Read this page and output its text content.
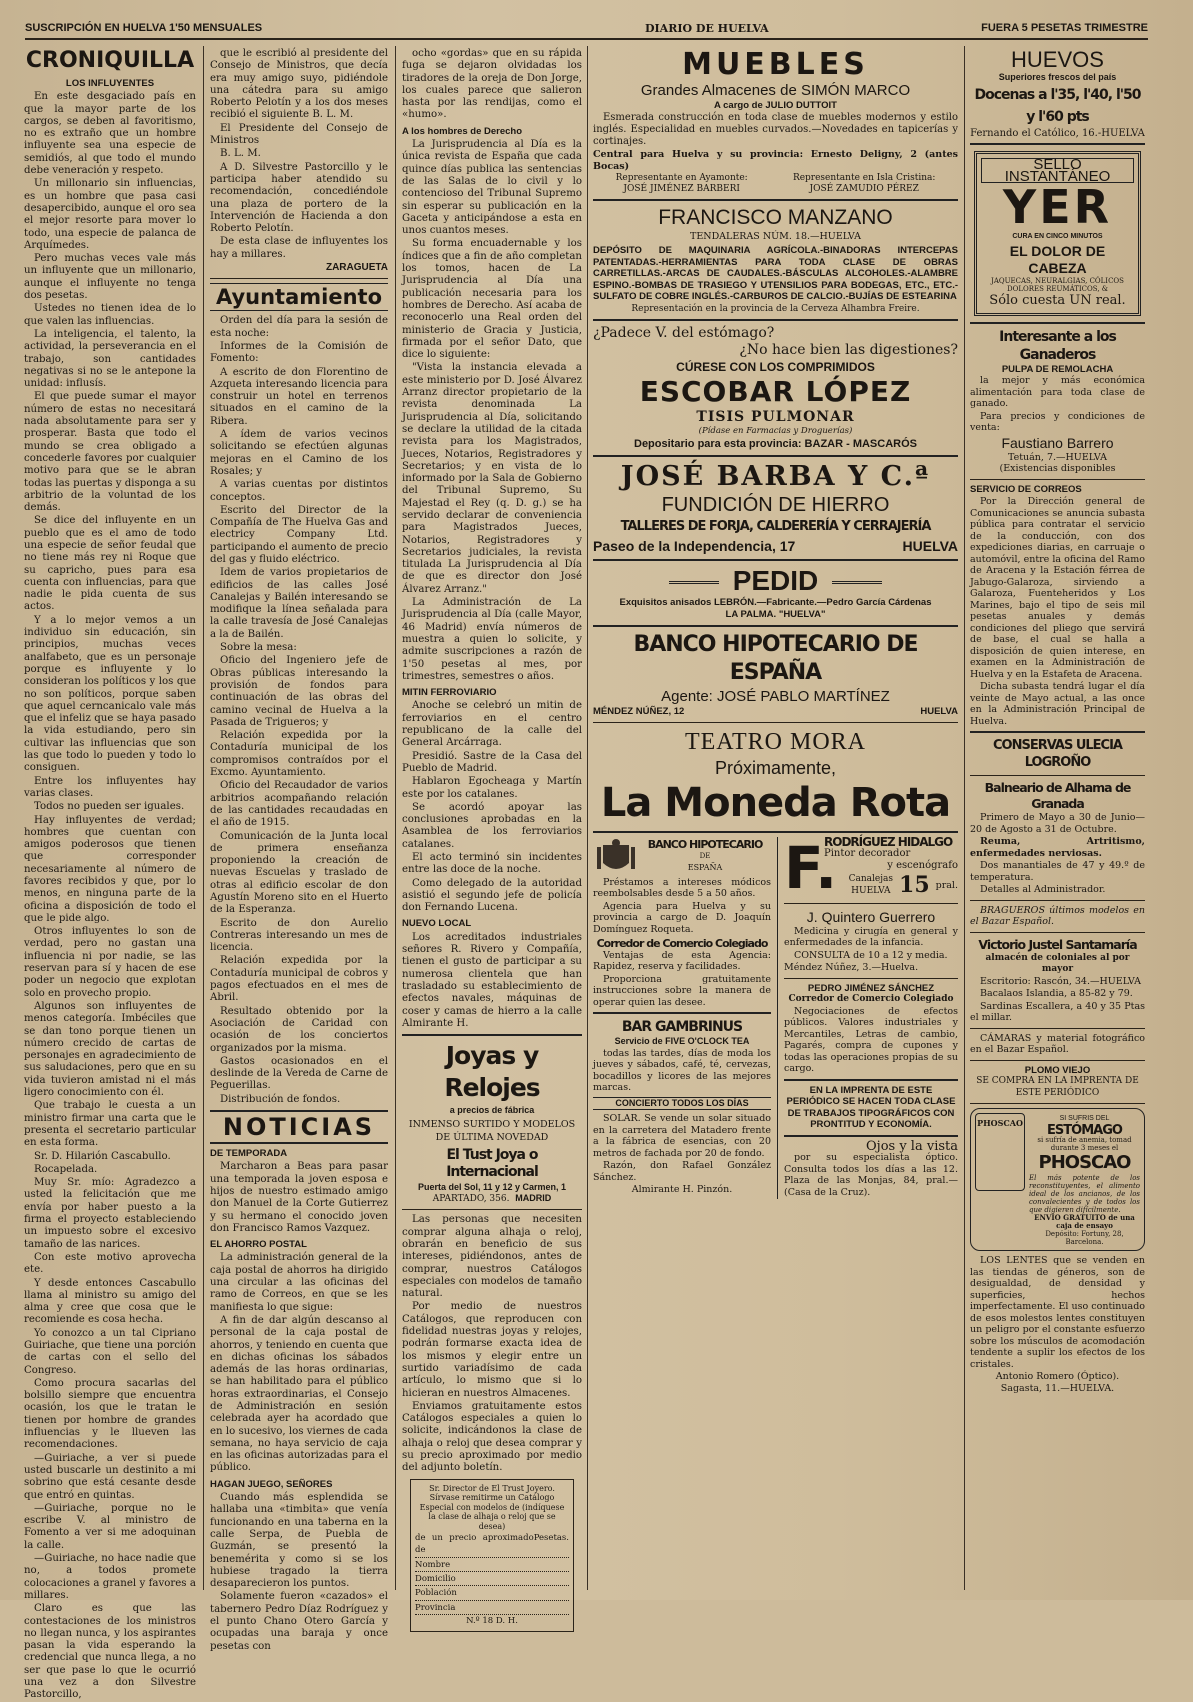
SUSCRIPCIÓN EN HUELVA 1'50 MENSUALES	DIARIO DE HUELVA	FUERA 5 PESETAS TRIMESTRE
CRONIQUILLA
LOS INFLUYENTES

En este desgaciado país en que la mayor parte de los cargos, se deben al favoritismo, no es extraño que un hombre influyente sea una especie de semidiós, al que todo el mundo debe veneración y respeto.

Un millonario sin influencias, es un hombre que pasa casi desapercibido, aunque el oro sea el mejor resorte para mover lo todo, una especie de palanca de Arquímedes.

Pero muchas veces vale más un influyente que un millonario, aunque el influyente no tenga dos pesetas.

Ustedes no tienen idea de lo que valen las influencias.

La inteligencia, el talento, la actividad, la perseverancia en el trabajo, son cantidades negativas si no se le antepone la unidad: influsís.

El que puede sumar el mayor número de estas no necesitará nada absolutamente para ser y prosperar. Basta que todo el mundo se crea obligado a concederle favores por cualquier motivo para que se le abran todas las puertas y disponga a su arbitrio de la voluntad de los demás.

Se dice del influyente en un pueblo que es el amo de todo una especie de señor feudal que no tiene más rey ni Roque que su capricho, pues para esa cuenta con influencias, para que nadie le pida cuenta de sus actos.

Y a lo mejor vemos a un individuo sin educación, sin principios, muchas veces analfabeto, que es un personaje porque es influyente y lo consideran los políticos y los que no son políticos, porque saben que aquel cerncanicalo vale más que el infeliz que se haya pasado la vida estudiando, pero sin cultivar las influencias que son las que todo lo pueden y todo lo consiguen.

Entre los influyentes hay varias clases.

Todos no pueden ser iguales.

Hay influyentes de verdad; hombres que cuentan con amigos poderosos que tienen que corresponder necesariamente al número de favores recibidos y que, por lo menos, en ninguna parte de la oficina a disposición de todo el que le pide algo.

Otros influyentes lo son de verdad, pero no gastan una influencia ni por nadie, se las reservan para sí y hacen de ese poder un negocio que explotan solo en provecho propio.

Algunos son influyentes de menos categoría. Imbéciles que se dan tono porque tienen un número crecido de cartas de personajes en agradecimiento de sus saludaciones, pero que en su vida tuvieron amistad ni el más ligero conocimiento con él.

Que trabajo le cuesta a un ministro firmar una carta que le presenta el secretario particular en esta forma.

Sr. D. Hilarión Cascabullo.

Rocapelada.

Muy Sr. mío: Agradezco a usted la felicitación que me envía por haber puesto a la firma el proyecto estableciendo un impuesto sobre el excesivo tamaño de las narices.

Con este motivo aprovecha ete.

Y desde entonces Cascabullo llama al ministro su amigo del alma y cree que cosa que le recomiende es cosa hecha.

Yo conozco a un tal Cipriano Guiriache, que tiene una porción de cartas con el sello del Congreso.

Como procura sacarlas del bolsillo siempre que encuentra ocasión, los que le tratan le tienen por hombre de grandes influencias y le llueven las recomendaciones.

—Guiriache, a ver si puede usted buscarle un destinito a mi sobrino que está cesante desde que entró en quintas.

—Guiriache, porque no le escribe V. al ministro de Fomento a ver si me adoquinan la calle.

—Guiriache, no hace nadie que no, a todos promete colocaciones a granel y favores a millares.

Claro es que las contestaciones de los ministros no llegan nunca, y los aspirantes pasan la vida esperando la credencial que nunca llega, a no ser que pase lo que le ocurrió una vez a don Silvestre Pastorcillo,

que le escribió al presidente del Consejo de Ministros, que decía era muy amigo suyo, pidiéndole una cátedra para su amigo Roberto Pelotín y a los dos meses recibió el siguiente B. L. M.

El Presidente del Consejo de Ministros

B. L. M.

A D. Silvestre Pastorcillo y le participa haber atendido su recomendación, concediéndole una plaza de portero de la Intervención de Hacienda a don Roberto Pelotín.

De esta clase de influyentes los hay a millares.

ZARAGUETA
Ayuntamiento

Orden del día para la sesión de esta noche:

Informes de la Comisión de Fomento:

A escrito de don Florentino de Azqueta interesando licencia para construir un hotel en terrenos situados en el camino de la Ribera.

A ídem de varios vecinos solicitando se efectúen algunas mejoras en el Camino de los Rosales; y

A varias cuentas por distintos conceptos.

Escrito del Director de la Compañía de The Huelva Gas and electricy Company Ltd. participando el aumento de precio del gas y fluido eléctrico.

Idem de varios propietarios de edificios de las calles José Canalejas y Bailén interesando se modifique la línea señalada para la calle travesía de José Canalejas a la de Bailén.

Sobre la mesa:

Oficio del Ingeniero jefe de Obras públicas interesando la provisión de fondos para continuación de las obras del camino vecinal de Huelva a la Pasada de Trigueros; y

Relación expedida por la Contaduría municipal de los compromisos contraídos por el Excmo. Ayuntamiento.

Oficio del Recaudador de varios arbitrios acompañando relación de las cantidades recaudadas en el año de 1915.

Comunicación de la Junta local de primera enseñanza proponiendo la creación de nuevas Escuelas y traslado de otras al edificio escolar de don Agustín Moreno sito en el Huerto de la Esperanza.

Escrito de don Aurelio Contreras interesando un mes de licencia.

Relación expedida por la Contaduría municipal de cobros y pagos efectuados en el mes de Abril.

Resultado obtenido por la Asociación de Caridad con ocasión de los conciertos organizados por la misma.

Gastos ocasionados en el deslinde de la Vereda de Carne de Peguerillas.

Distribución de fondos.

NOTICIAS
DE TEMPORADA

Marcharon a Beas para pasar una temporada la joven esposa e hijos de nuestro estimado amigo don Manuel de la Corte Gutierrez y su hermano el conocido joven don Francisco Ramos Vazquez.

EL AHORRO POSTAL

La administración general de la caja postal de ahorros ha dirigido una circular a las oficinas del ramo de Correos, en que se les manifiesta lo que sigue:

A fin de dar algún descanso al personal de la caja postal de ahorros, y teniendo en cuenta que en dichas oficinas los sábados además de las horas ordinarias, se han habilitado para el público horas extraordinarias, el Consejo de Administración en sesión celebrada ayer ha acordado que en lo sucesivo, los viernes de cada semana, no haya servicio de caja en las oficinas autorizadas para el público.

HAGAN JUEGO, SEÑORES

Cuando más esplendida se hallaba una «timbita» que venía funcionando en una taberna en la calle Serpa, de Puebla de Guzmán, se presentó la benemérita y como si se los hubiese tragado la tierra desaparecieron los puntos.

Solamente fueron «cazados» el tabernero Pedro Díaz Rodríguez y el punto Chano Otero García y ocupadas una baraja y once pesetas con

ocho «gordas» que en su rápida fuga se dejaron olvidadas los tiradores de la oreja de Don Jorge, los cuales parece que salieron hasta por las rendijas, como el «humo».

A los hombres de Derecho

La Jurisprudencia al Día es la única revista de España que cada quince días publica las sentencias de las Salas de lo civil y lo contencioso del Tribunal Supremo sin esperar su publicación en la Gaceta y anticipándose a esta en unos cuantos meses.

Su forma encuadernable y los índices que a fin de año completan los tomos, hacen de La Jurisprudencia al Día una publicación necesaria para los hombres de Derecho. Así acaba de reconocerlo una Real orden del ministerio de Gracia y Justicia, firmada por el señor Dato, que dice lo siguiente:

"Vista la instancia elevada a este ministerio por D. José Álvarez Arranz director propietario de la revista denominada La Jurisprudencia al Día, solicitando se declare la utilidad de la citada revista para los Magistrados, Jueces, Notarios, Registradores y Secretarios; y en vista de lo informado por la Sala de Gobierno del Tribunal Supremo, Su Majestad el Rey (q. D. g.) se ha servido declarar de conveniencia para Magistrados Jueces, Notarios, Registradores y Secretarios judiciales, la revista titulada La Jurisprudencia al Día de que es director don José Álvarez Arranz."

La Administración de La Jurisprudencia al Día (calle Mayor, 46 Madrid) envía números de muestra a quien lo solicite, y admite suscripciones a razón de 1'50 pesetas al mes, por trimestres, semestres o años.

MITIN FERROVIARIO

Anoche se celebró un mitin de ferroviarios en el centro republicano de la calle del General Arcárraga.

Presidió. Sastre de la Casa del Pueblo de Madrid.

Hablaron Egocheaga y Martín este por los catalanes.

Se acordó apoyar las conclusiones aprobadas en la Asamblea de los ferroviarios catalanes.

El acto terminó sin incidentes entre las doce de la noche.

Como delegado de la autoridad asistió el segundo jefe de policía don Fernando Lucena.

NUEVO LOCAL

Los acreditados industriales señores R. Rivero y Compañía, tienen el gusto de participar a su numerosa clientela que han trasladado su establecimiento de efectos navales, máquinas de coser y camas de hierro a la calle Almirante H.

Joyas y Relojes
a precios de fábrica
INMENSO SURTIDO Y MODELOS DE ÚLTIMA NOVEDAD
El Tust Joya o Internacional
Puerta del Sol, 11 y 12 y Carmen, 1
APARTADO, 356. MADRID

Las personas que necesiten comprar alguna alhaja o reloj, obrarán en beneficio de sus intereses, pidiéndonos, antes de comprar, nuestros Catálogos especiales con modelos de tamaño natural.

Por medio de nuestros Catálogos, que reproducen con fidelidad nuestras joyas y relojes, podrán formarse exacta idea de los mismos y elegir entre un surtido variadísimo de cada artículo, lo mismo que si lo hicieran en nuestros Almacenes.

Enviamos gratuitamente estos Catálogos especiales a quien lo solicite, indicándonos la clase de alhaja o reloj que desea comprar y su precio aproximado por medio del adjunto boletín.

Sr. Director de El Trust Joyero. Sírvase remitirme un Catálogo Especial con modelos de (indíquese la clase de alhaja o reloj que se desea)
de un precio aproximado de
Pesetas.
Nombre
Domicilio
Población
Provincia
N.º 18 D. H.
MUEBLES
Grandes Almacenes de SIMÓN MARCO
A cargo de JULIO DUTTOIT

Esmerada construcción en toda clase de muebles modernos y estilo inglés. Especialidad en muebles curvados.—Novedades en tapicerías y cortinajes.

Central para Huelva y su provincia: Ernesto Deligny, 2 (antes Bocas)
Representante en Ayamonte:
JOSÉ JIMÉNEZ BARBERI
Representante en Isla Cristina:
JOSÉ ZAMUDIO PÉREZ
FRANCISCO MANZANO
TENDALERAS NÚM. 18.—HUELVA
DEPÓSITO DE MAQUINARIA AGRÍCOLA.-BINADORAS INTERCEPAS PATENTADAS.-HERRAMIENTAS PARA TODA CLASE DE OBRAS CARRETILLAS.-ARCAS DE CAUDALES.-BÁSCULAS ALCOHOLES.-ALAMBRE ESPINO.-BOMBAS DE TRASIEGO Y UTENSILIOS PARA BODEGAS, ETC., ETC.-SULFATO DE COBRE INGLÉS.-CARBUROS DE CALCIO.-BUJÍAS DE ESTEARINA
Representación en la provincia de la Cerveza Alhambra Freire.
¿Padece V. del estómago?
¿No hace bien las digestiones?
CÚRESE CON LOS COMPRIMIDOS
ESCOBAR LÓPEZ
TISIS PULMONAR
(Pídase en Farmacias y Droguerías)
Depositario para esta provincia: BAZAR - MASCARÓS
JOSÉ BARBA Y C.ª
FUNDICIÓN DE HIERRO
TALLERES DE FORJA, CALDERERÍA Y CERRAJERÍA
Paseo de la Independencia, 17	HUELVA
PEDID
Exquisitos anisados LEBRÓN.—Fabricante.—Pedro García Cárdenas
LA PALMA. "HUELVA"
BANCO HIPOTECARIO DE ESPAÑA
Agente: JOSÉ PABLO MARTÍNEZ
MÉNDEZ NÚÑEZ, 12	HUELVA
TEATRO MORA
Próximamente,
La Moneda Rota
BANCO HIPOTECARIO
DE
ESPAÑA

Préstamos a intereses módicos reembolsables desde 5 a 50 años.

Agencia para Huelva y su provincia a cargo de D. Joaquín Domínguez Roqueta.

Corredor de Comercio Colegiado

Ventajas de esta Agencia: Rapidez, reserva y facilidades.

Proporciona gratuitamente instrucciones sobre la manera de operar quien las desee.

BAR GAMBRINUS
Servicio de FIVE O'CLOCK TEA

todas las tardes, días de moda los jueves y sábados, café, té, cervezas, bocadillos y licores de las mejores marcas.

CONCIERTO TODOS LOS DÍAS

SOLAR. Se vende un solar situado en la carretera del Matadero frente a la fábrica de esencias, con 20 metros de fachada por 20 de fondo.

Razón, don Rafael González Sánchez.

Almirante H. Pinzón.
F.
RODRÍGUEZ HIDALGO
Pintor decorador
y escenógrafo
Canalejas
HUELVA 15 pral.
J. Quintero Guerrero

Medicina y cirugía en general y enfermedades de la infancia.

CONSULTA de 10 a 12 y media.

Méndez Núñez, 3.—Huelva.
PEDRO JIMÉNEZ SÁNCHEZ
Corredor de Comercio Colegiado

Negociaciones de efectos públicos. Valores industriales y Mercantiles, Letras de cambio, Pagarés, compra de cupones y todas las operaciones propias de su cargo.

EN LA IMPRENTA DE ESTE PERIÓDICO SE HACEN TODA CLASE DE TRABAJOS TIPOGRÁFICOS CON PRONTITUD Y ECONOMÍA.
Ojos y la vista

por su especialista óptico. Consulta todos los días a las 12. Plaza de las Monjas, 84, pral.—(Casa de la Cruz).

HUEVOS
Superiores frescos del país
Docenas a l'35, l'40, l'50 y l'60 pts
Fernando el Católico, 16.-HUELVA
SELLO INSTANTÁNEO
YER
CURA EN CINCO MINUTOS
EL DOLOR DE CABEZA
JAQUECAS, NEURALGIAS, CÓLICOS DOLORES REUMÁTICOS, &
Sólo cuesta UN real.
Interesante a los Ganaderos
PULPA DE REMOLACHA

la mejor y más económica alimentación para toda clase de ganado.

Para precios y condiciones de venta:

Faustiano Barrero
Tetuán, 7.—HUELVA
(Existencias disponibles
SERVICIO DE CORREOS

Por la Dirección general de Comunicaciones se anuncia subasta pública para contratar el servicio de la conducción, con dos expediciones diarias, en carruaje o automóvil, entre la oficina del Ramo de Aracena y la Estación férrea de Jabugo-Galaroza, sirviendo a Galaroza, Fuenteheridos y Los Marines, bajo el tipo de seis mil pesetas anuales y demás condiciones del pliego que servirá de base, el cual se halla a disposición de quien interese, en examen en la Administración de Huelva y en la Estafeta de Aracena.

Dicha subasta tendrá lugar el día veinte de Mayo actual, a las once en la Administración Principal de Huelva.

CONSERVAS ULECIA LOGROÑO
Balneario de Alhama de Granada

Primero de Mayo a 30 de Junio—20 de Agosto a 31 de Octubre.

Reuma, Artritismo, enfermedades nerviosas.

Dos manantiales de 47 y 49.º de temperatura.

Detalles al Administrador.

BRAGUEROS últimos modelos en el Bazar Español.

Victorio Justel Santamaría
almacén de coloniales al por mayor

Escritorio: Rascón, 34.—HUELVA

Bacalaos Islandia, a 85-82 y 79.

Sardinas Escallera, a 40 y 35 Ptas el millar.

CÁMARAS y material fotográfico en el Bazar Español.

PLOMO VIEJO
SE COMPRA EN LA IMPRENTA DE ESTE PERIÓDICO
PHOSCAO	SI SUFRIS DEL
ESTÓMAGO
si sufría de anemia, tomad durante 3 meses el
PHOSCAO
El más potente de los reconstituyentes, el alimento ideal de los ancianos, de los convalecientes y de todos los que digieren difícilmente.
ENVÍO GRATUITO de una caja de ensayo
Depósito: Fortuny, 28, Barcelona.

LOS LENTES que se venden en las tiendas de géneros, son de desigualdad, de densidad y superficies, hechos imperfectamente. El uso continuado de esos molestos lentes constituyen un peligro por el constante esfuerzo sobre los músculos de acomodación tendente a suplir los efectos de los cristales.

Antonio Romero (Óptico).
Sagasta, 11.—HUELVA.
